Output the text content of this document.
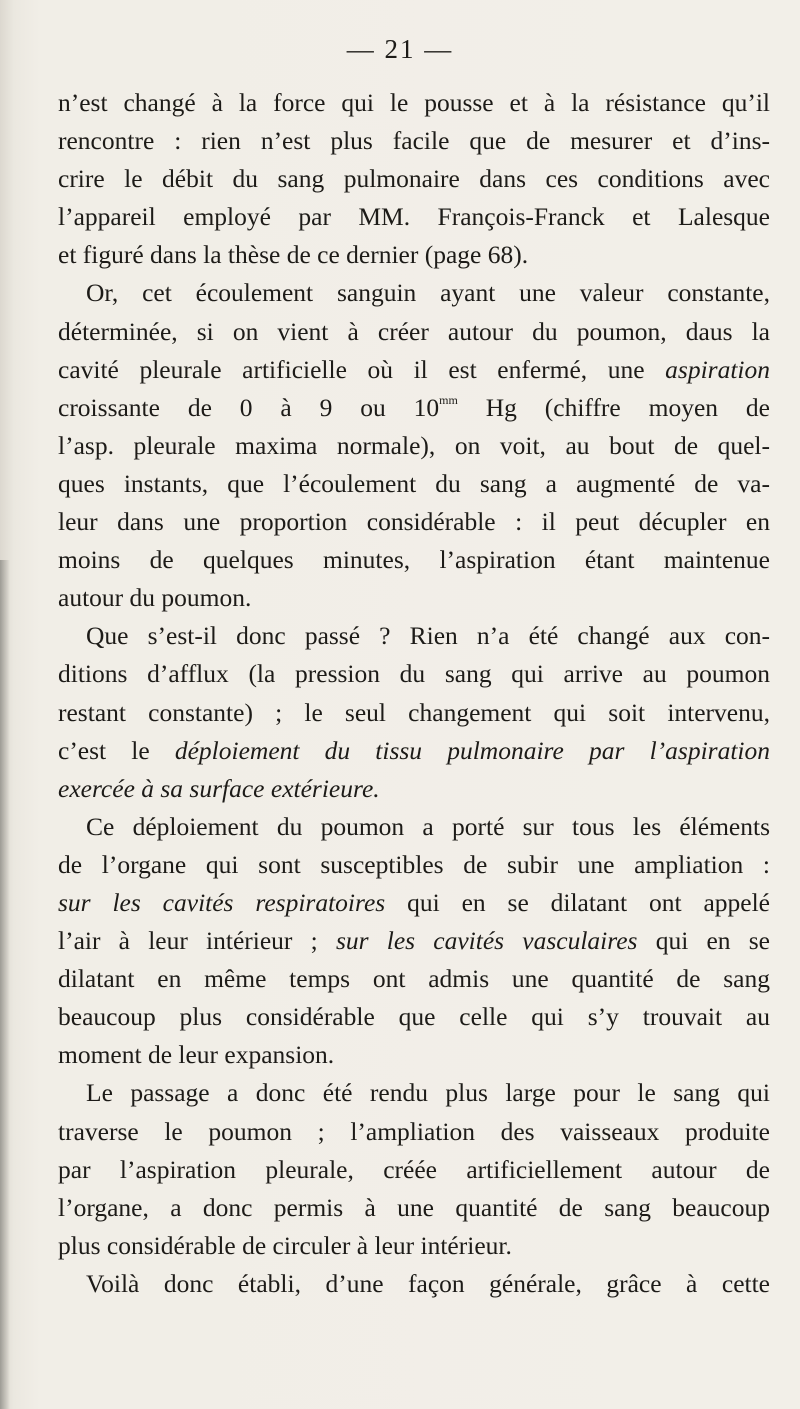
— 21 —
n’est changé à la force qui le pousse et à la résistance qu’il
rencontre : rien n’est plus facile que de mesurer et d’ins-
crire le débit du sang pulmonaire dans ces conditions avec
l’appareil employé par MM. François-Franck et Lalesque
et figuré dans la thèse de ce dernier (page 68).
Or, cet écoulement sanguin ayant une valeur constante,
déterminée, si on vient à créer autour du poumon, daus la
cavité pleurale artificielle où il est enfermé, une aspiration
croissante de 0 à 9 ou $10^{mm}$ Hg (chiffre moyen de
l’asp. pleurale maxima normale), on voit, au bout de quel-
ques instants, que l’écoulement du sang a augmenté de va-
leur dans une proportion considérable : il peut décupler en
moins de quelques minutes, l’aspiration étant maintenue
autour du poumon.
Que s’est-il donc passé ? Rien n’a été changé aux con-
ditions d’afflux (la pression du sang qui arrive au poumon
restant constante) ; le seul changement qui soit intervenu,
c’est le déploiement du tissu pulmonaire par l’aspiration
exercée à sa surface extérieure.
Ce déploiement du poumon a porté sur tous les éléments
de l’organe qui sont susceptibles de subir une ampliation :
sur les cavités respiratoires qui en se dilatant ont appelé
l’air à leur intérieur ; sur les cavités vasculaires qui en se
dilatant en même temps ont admis une quantité de sang
beaucoup plus considérable que celle qui s’y trouvait au
moment de leur expansion.
Le passage a donc été rendu plus large pour le sang qui
traverse le poumon ; l’ampliation des vaisseaux produite
par l’aspiration pleurale, créée artificiellement autour de
l’organe, a donc permis à une quantité de sang beaucoup
plus considérable de circuler à leur intérieur.
Voilà donc établi, d’une façon générale, grâce à cette
